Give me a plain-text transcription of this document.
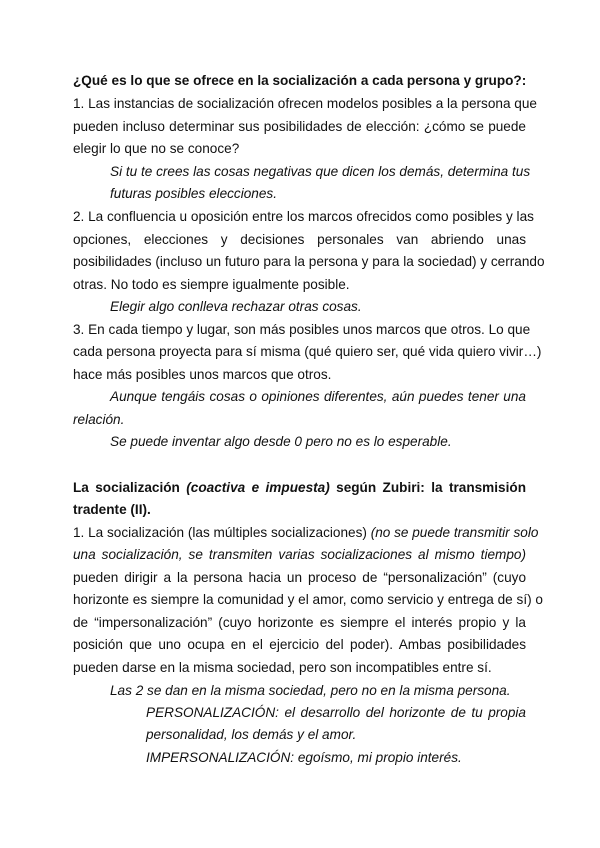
¿Qué es lo que se ofrece en la socialización a cada persona y grupo?:
1. Las instancias de socialización ofrecen modelos posibles a la persona que
pueden incluso determinar sus posibilidades de elección: ¿cómo se puede
elegir lo que no se conoce?
Si tu te crees las cosas negativas que dicen los demás, determina tus
futuras posibles elecciones.
2. La confluencia u oposición entre los marcos ofrecidos como posibles y las
opciones, elecciones y decisiones personales van abriendo unas
posibilidades (incluso un futuro para la persona y para la sociedad) y cerrando
otras. No todo es siempre igualmente posible.
Elegir algo conlleva rechazar otras cosas.
3. En cada tiempo y lugar, son más posibles unos marcos que otros. Lo que
cada persona proyecta para sí misma (qué quiero ser, qué vida quiero vivir…)
hace más posibles unos marcos que otros.
Aunque tengáis cosas o opiniones diferentes, aún puedes tener una
relación.
Se puede inventar algo desde 0 pero no es lo esperable.
La socialización (coactiva e impuesta) según Zubiri: la transmisión
tradente (II).
1. La socialización (las múltiples socializaciones) (no se puede transmitir solo
una socialización, se transmiten varias socializaciones al mismo tiempo)
pueden dirigir a la persona hacia un proceso de “personalización” (cuyo
horizonte es siempre la comunidad y el amor, como servicio y entrega de sí) o
de “impersonalización” (cuyo horizonte es siempre el interés propio y la
posición que uno ocupa en el ejercicio del poder). Ambas posibilidades
pueden darse en la misma sociedad, pero son incompatibles entre sí.
Las 2 se dan en la misma sociedad, pero no en la misma persona.
PERSONALIZACIÓN: el desarrollo del horizonte de tu propia
personalidad, los demás y el amor.
IMPERSONALIZACIÓN: egoísmo, mi propio interés.
